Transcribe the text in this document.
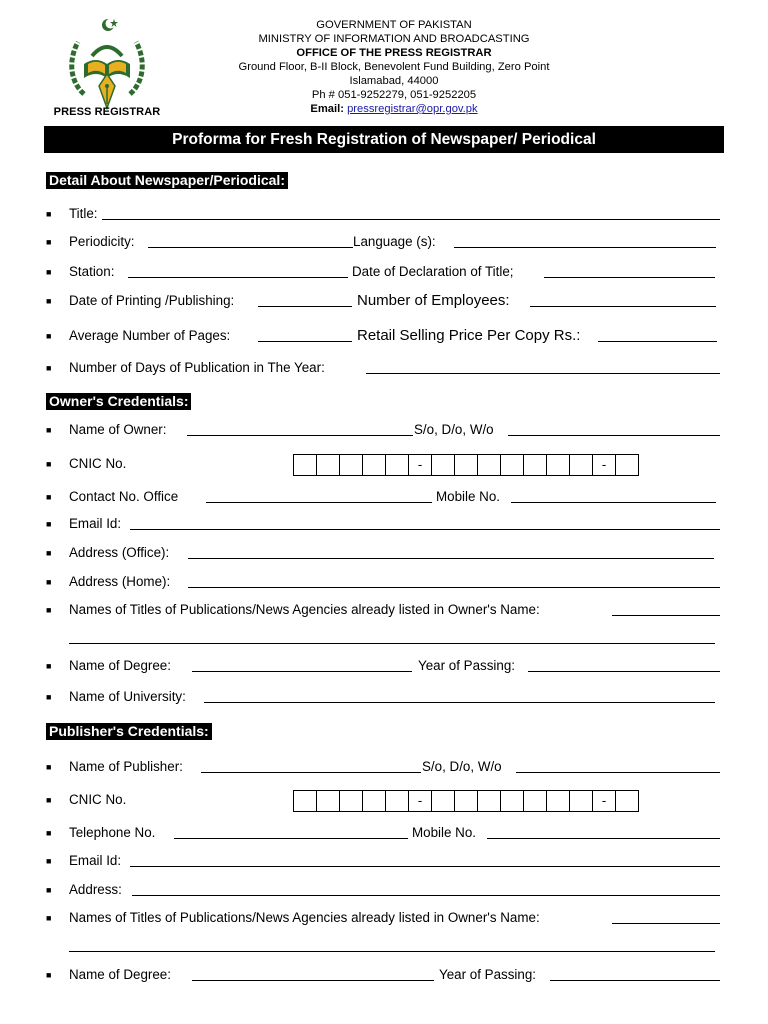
PRESS REGISTRAR
GOVERNMENT OF PAKISTAN
MINISTRY OF INFORMATION AND BROADCASTING
OFFICE OF THE PRESS REGISTRAR
Ground Floor, B-II Block, Benevolent Fund Building, Zero Point
Islamabad, 44000
Ph # 051-9252279, 051-9252205
Email: pressregistrar@opr.gov.pk
Proforma for Fresh Registration of Newspaper/ Periodical
Detail About Newspaper/Periodical:
■ Title:
■ Periodicity:	Language (s):
■ Station:	Date of Declaration of Title;
■ Date of Printing /Publishing:	Number of Employees:
■ Average Number of Pages:	Retail Selling Price Per Copy Rs.:
■ Number of Days of Publication in The Year:
Owner's Credentials:
■ Name of Owner:	S/o, D/o, W/o
■ CNIC No.	-	-
■ Contact No. Office	Mobile No.
■ Email Id:
■ Address (Office):
■ Address (Home):
■ Names of Titles of Publications/News Agencies already listed in Owner's Name:
■ Name of Degree:	Year of Passing:
■ Name of University:
Publisher's Credentials:
■ Name of Publisher:	S/o, D/o, W/o
■ CNIC No.	-	-
■ Telephone No.	Mobile No.
■ Email Id:
■ Address:
■ Names of Titles of Publications/News Agencies already listed in Owner's Name:
■ Name of Degree:	Year of Passing:
